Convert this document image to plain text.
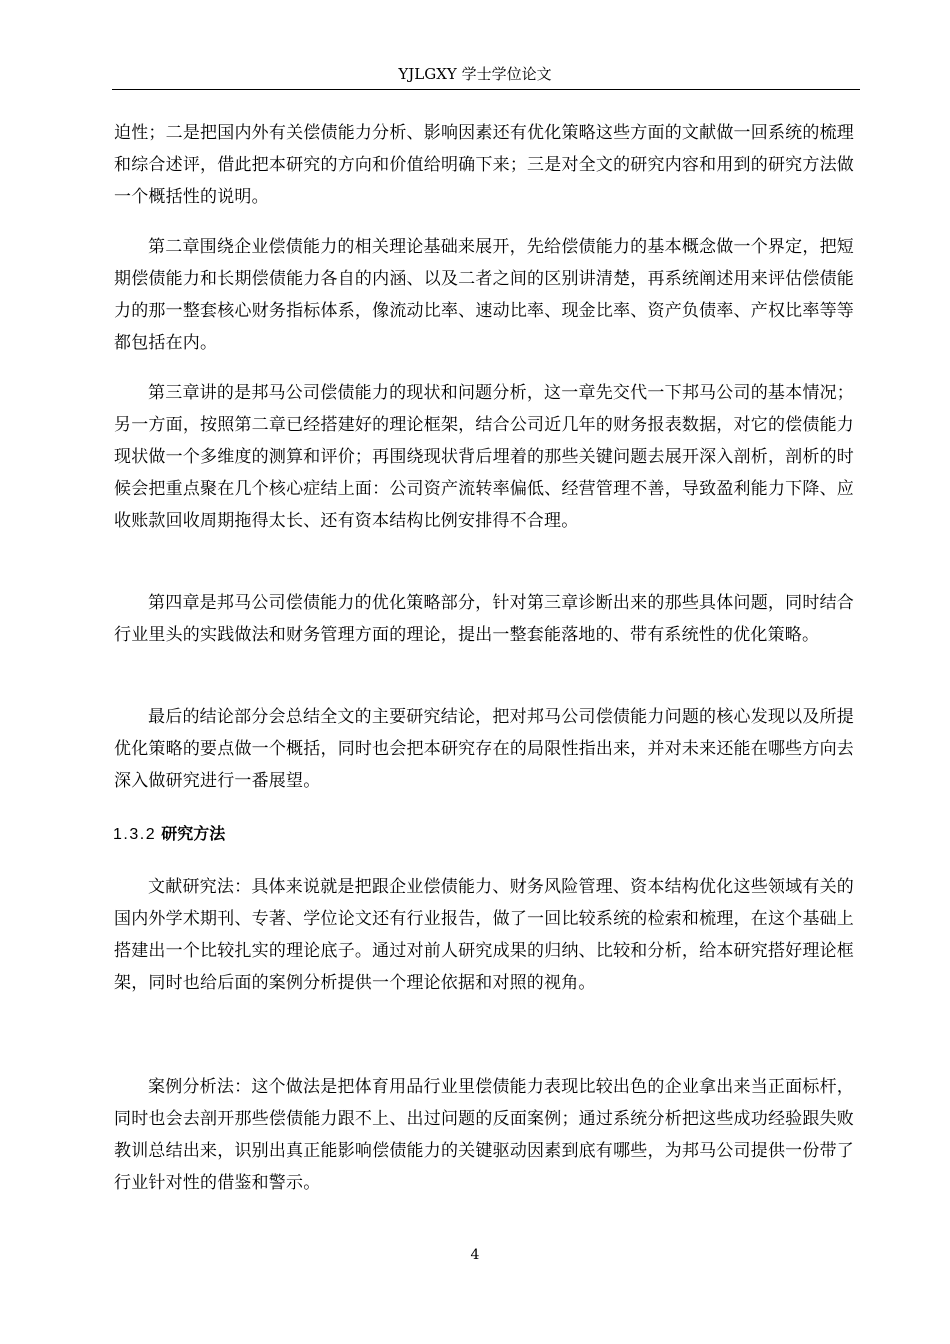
YJLGXY 学士学位论文

迫性；二是把国内外有关偿债能力分析、影响因素还有优化策略这些方面的文献做一回系统的梳理和综合述评，借此把本研究的方向和价值给明确下来；三是对全文的研究内容和用到的研究方法做一个概括性的说明。

第二章围绕企业偿债能力的相关理论基础来展开，先给偿债能力的基本概念做一个界定，把短期偿债能力和长期偿债能力各自的内涵、以及二者之间的区别讲清楚，再系统阐述用来评估偿债能力的那一整套核心财务指标体系，像流动比率、速动比率、现金比率、资产负债率、产权比率等等都包括在内。

第三章讲的是邦马公司偿债能力的现状和问题分析，这一章先交代一下邦马公司的基本情况；另一方面，按照第二章已经搭建好的理论框架，结合公司近几年的财务报表数据，对它的偿债能力现状做一个多维度的测算和评价；再围绕现状背后埋着的那些关键问题去展开深入剖析，剖析的时候会把重点聚在几个核心症结上面：公司资产流转率偏低、经营管理不善，导致盈利能力下降、应收账款回收周期拖得太长、还有资本结构比例安排得不合理。

第四章是邦马公司偿债能力的优化策略部分，针对第三章诊断出来的那些具体问题，同时结合行业里头的实践做法和财务管理方面的理论，提出一整套能落地的、带有系统性的优化策略。

最后的结论部分会总结全文的主要研究结论，把对邦马公司偿债能力问题的核心发现以及所提优化策略的要点做一个概括，同时也会把本研究存在的局限性指出来，并对未来还能在哪些方向去深入做研究进行一番展望。

1.3.2 研究方法

文献研究法：具体来说就是把跟企业偿债能力、财务风险管理、资本结构优化这些领域有关的国内外学术期刊、专著、学位论文还有行业报告，做了一回比较系统的检索和梳理，在这个基础上搭建出一个比较扎实的理论底子。通过对前人研究成果的归纳、比较和分析，给本研究搭好理论框架，同时也给后面的案例分析提供一个理论依据和对照的视角。

案例分析法：这个做法是把体育用品行业里偿债能力表现比较出色的企业拿出来当正面标杆，同时也会去剖开那些偿债能力跟不上、出过问题的反面案例；通过系统分析把这些成功经验跟失败教训总结出来，识别出真正能影响偿债能力的关键驱动因素到底有哪些，为邦马公司提供一份带了行业针对性的借鉴和警示。

4
